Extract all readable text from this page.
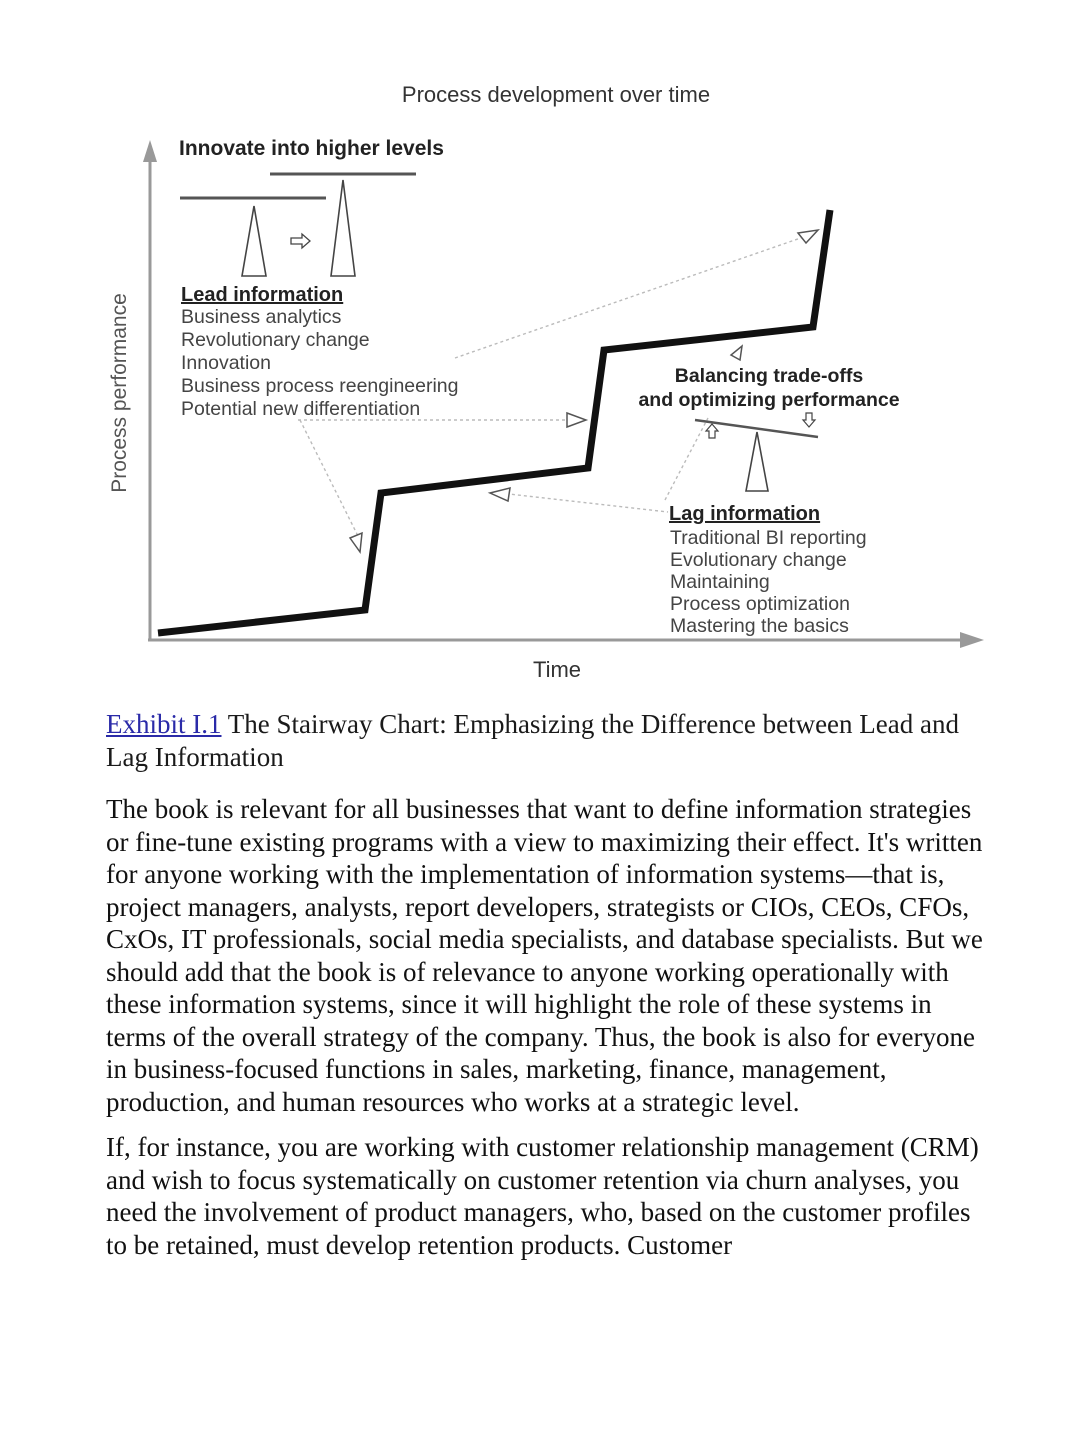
Process development over time
Process performance
Time
Innovate into higher levels
Lead information
Business analytics
Revolutionary change
Innovation
Business process reengineering
Potential new differentiation
Balancing trade-offs
and optimizing performance
Lag information
Traditional BI reporting
Evolutionary change
Maintaining
Process optimization
Mastering the basics
Exhibit I.1 The Stairway Chart: Emphasizing the Difference between Lead and Lag Information

The book is relevant for all businesses that want to define information strategies or fine-tune existing programs with a view to maximizing their effect. It's written for anyone working with the implementation of information systems—that is, project managers, analysts, report developers, strategists or CIOs, CEOs, CFOs, CxOs, IT professionals, social media specialists, and database specialists. But we should add that the book is of relevance to anyone working operationally with these information systems, since it will highlight the role of these systems in terms of the overall strategy of the company. Thus, the book is also for everyone in business-focused functions in sales, marketing, finance, management, production, and human resources who works at a strategic level.

If, for instance, you are working with customer relationship management (CRM) and wish to focus systematically on customer retention via churn analyses, you need the involvement of product managers, who, based on the customer profiles to be retained, must develop retention products. Customer
